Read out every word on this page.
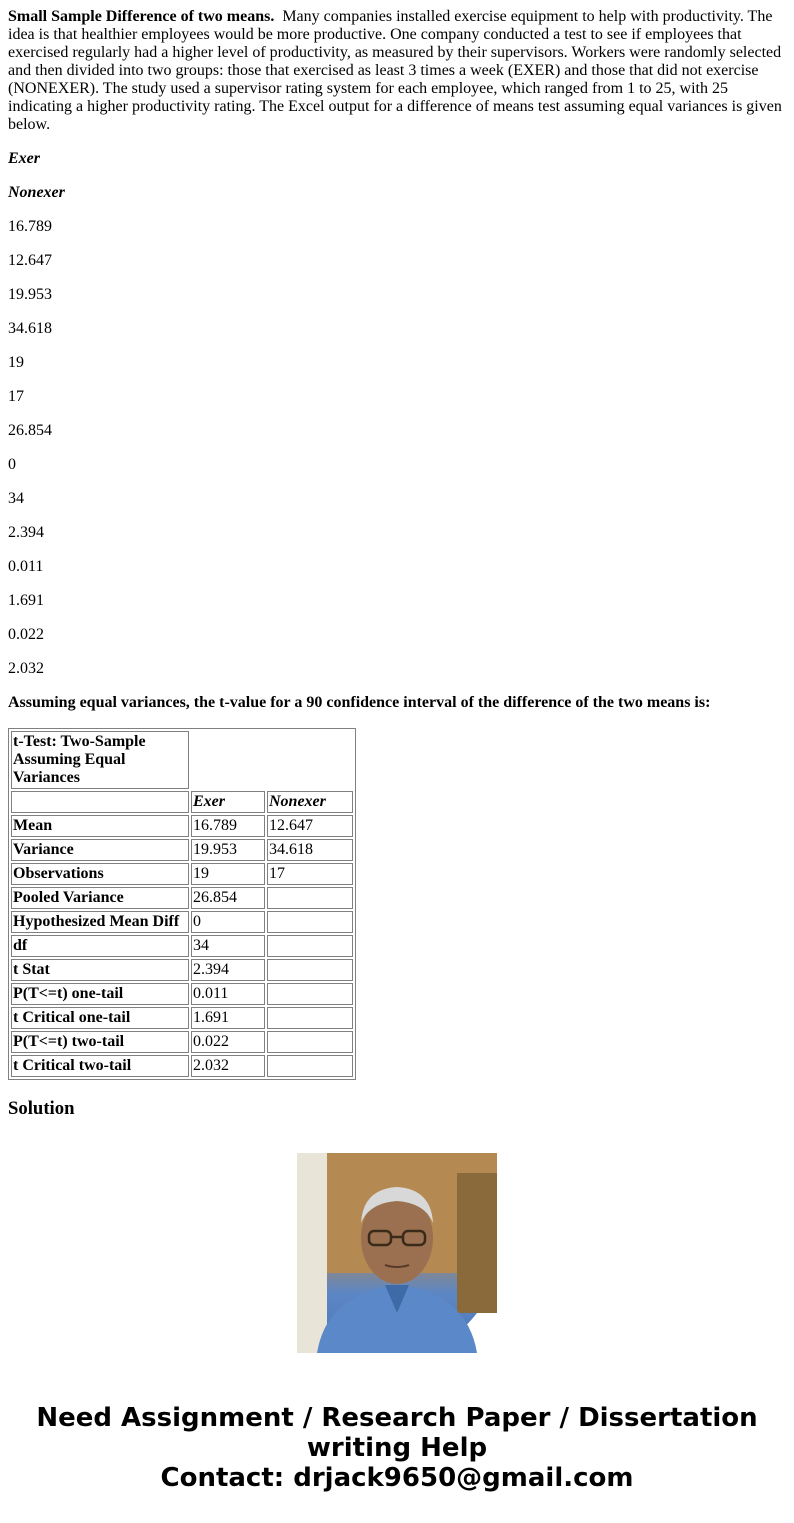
Small Sample Difference of two means. Many companies installed exercise equipment to help with productivity. The idea is that healthier employees would be more productive. One company conducted a test to see if employees that exercised regularly had a higher level of productivity, as measured by their supervisors. Workers were randomly selected and then divided into two groups: those that exercised as least 3 times a week (EXER) and those that did not exercise (NONEXER). The study used a supervisor rating system for each employee, which ranged from 1 to 25, with 25 indicating a higher productivity rating. The Excel output for a difference of means test assuming equal variances is given below.

Exer

Nonexer

16.789

12.647

19.953

34.618

19

17

26.854

0

34

2.394

0.011

1.691

0.022

2.032

Assuming equal variances, the t-value for a 90 confidence interval of the difference of the two means is:

t-Test: Two-Sample Assuming Equal Variances		
	Exer	Nonexer
Mean	16.789	12.647
Variance	19.953	34.618
Observations	19	17
Pooled Variance	26.854	
Hypothesized Mean Diff	0	
df	34	
t Stat	2.394	
P(T<=t) one-tail	0.011	
t Critical one-tail	1.691	
P(T<=t) two-tail	0.022	
t Critical two-tail	2.032	
Solution

Need Assignment / Research Paper / Dissertation
writing Help
Contact: drjack9650@gmail.com
